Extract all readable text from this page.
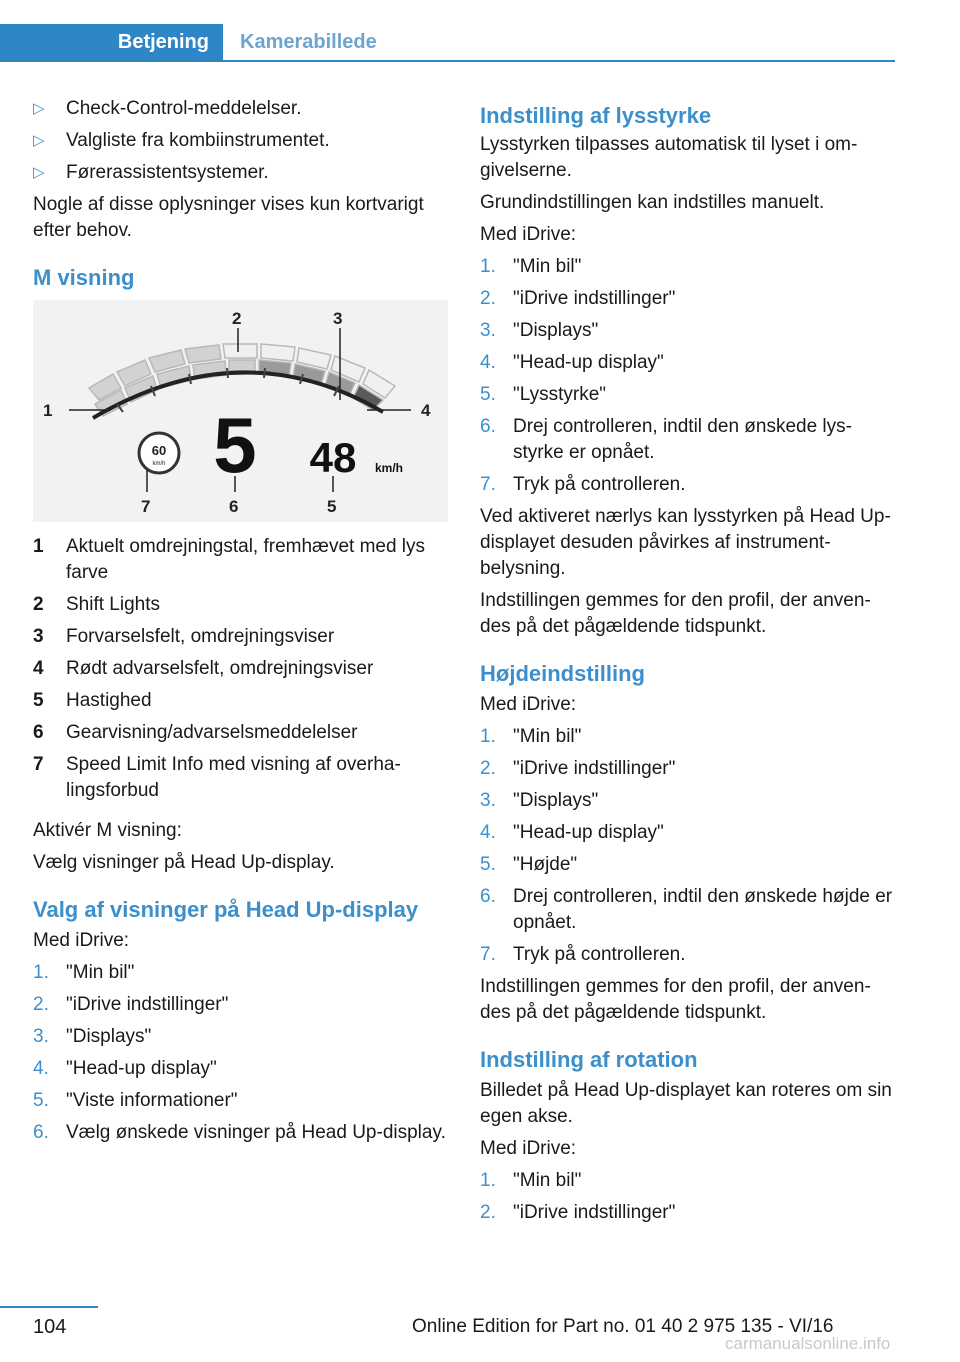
Betjening	Kamerabillede
▷ Check-Control-meddelelser.
▷ Valgliste fra kombiinstrumentet.
▷ Førerassistentsystemer.

Nogle af disse oplysninger vises kun kortvarigt efter behov.

M visning
60
km/h 5 48 km/h
1
2	3
4
5
6
7
1 Aktuelt omdrejningstal, fremhævet med lys farve
2 Shift Lights
3 Forvarselsfelt, omdrejningsviser
4 Rødt advarselsfelt, omdrejningsviser
5 Hastighed
6 Gearvisning/advarselsmeddelelser
7 Speed Limit Info med visning af overhalingsforbud

Aktivér M visning:

Vælg visninger på Head Up-display.

Valg af visninger på Head Up-display

Med iDrive:

1. "Min bil"
2. "iDrive indstillinger"
3. "Displays"
4. "Head-up display"
5. "Viste informationer"
6. Vælg ønskede visninger på Head Up-display.
Indstilling af lysstyrke

Lysstyrken tilpasses automatisk til lyset i omgivelserne.

Grundindstillingen kan indstilles manuelt.

Med iDrive:

1. "Min bil"
2. "iDrive indstillinger"
3. "Displays"
4. "Head-up display"
5. "Lysstyrke"
6. Drej controlleren, indtil den ønskede lysstyrke er opnået.
7. Tryk på controlleren.

Ved aktiveret nærlys kan lysstyrken på Head Up-displayet desuden påvirkes af instrumentbelysning.

Indstillingen gemmes for den profil, der anvendes på det pågældende tidspunkt.

Højdeindstilling

Med iDrive:

1. "Min bil"
2. "iDrive indstillinger"
3. "Displays"
4. "Head-up display"
5. "Højde"
6. Drej controlleren, indtil den ønskede højde er opnået.
7. Tryk på controlleren.

Indstillingen gemmes for den profil, der anvendes på det pågældende tidspunkt.

Indstilling af rotation

Billedet på Head Up-displayet kan roteres om sin egen akse.

Med iDrive:

1. "Min bil"
2. "iDrive indstillinger"
104	Online Edition for Part no. 01 40 2 975 135 - VI/16
carmanualsonline.info
